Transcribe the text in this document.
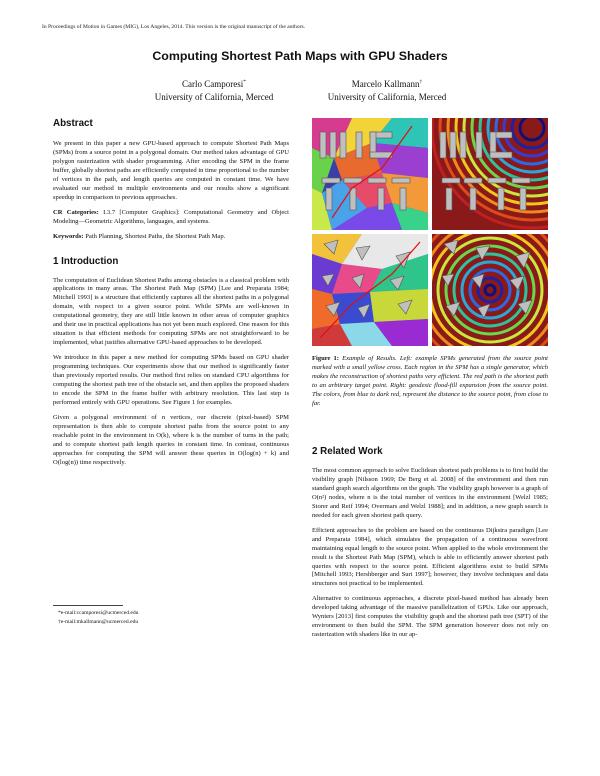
In Proceedings of Motion in Games (MIG), Los Angeles, 2014. This version is the original manuscript of the authors.
Computing Shortest Path Maps with GPU Shaders
Carlo Camporesi*
University of California, Merced
Marcelo Kallmann†
University of California, Merced
Abstract

We present in this paper a new GPU-based approach to compute Shortest Path Maps (SPMs) from a source point in a polygonal domain. Our method takes advantage of GPU polygon rasterization with shader programming. After encoding the SPM in the frame buffer, globally shortest paths are efficiently computed in time proportional to the number of vertices in the path, and length queries are computed in constant time. We have evaluated our method in multiple environments and our results show a significant speedup in comparison to previous approaches.

CR Categories: I.3.7 [Computer Graphics]: Computational Geometry and Object Modeling—Geometric Algorithms, languages, and systems.

Keywords: Path Planning, Shortest Paths, the Shortest Path Map.

1 Introduction

The computation of Euclidean Shortest Paths among obstacles is a classical problem with applications in many areas. The Shortest Path Map (SPM) [Lee and Preparata 1984; Mitchell 1993] is a structure that efficiently captures all the shortest paths in a polygonal domain, with respect to a given source point. While SPMs are well-known in computational geometry, they are still little known in other areas of computer graphics and their use in practical applications has not yet been much explored. One reason for this situation is that efficient methods for computing SPMs are not straightforward to be implemented, what justifies alternative GPU-based approaches to be developed.

We introduce in this paper a new method for computing SPMs based on GPU shader programming techniques. Our experiments show that our method is significantly faster than previously reported results. Our method first relies on standard CPU algorithms for computing the shortest path tree of the obstacle set, and then applies the proposed shaders to encode the SPM in the frame buffer with arbitrary resolution. This last step is performed entirely with GPU operations. See Figure 1 for examples.

Given a polygonal environment of n vertices, our discrete (pixel-based) SPM representation is then able to compute shortest paths from the source point to any reachable point in the environment in O(k), where k is the number of turns in the path; and to compute shortest path length queries in constant time. In contrast, continuous approaches for computing the SPM will answer these queries in O(log(n) + k) and O(log(n)) time respectively.

*e-mail:ccamporesi@ucmerced.edu
†e-mail:mkallmann@ucmerced.edu
Figure 1: Example of Results. Left: example SPMs generated from the source point marked with a small yellow cross. Each region in the SPM has a single generator, which makes the reconstruction of shortest paths very efficient. The red path is the shortest path to an arbitrary target point. Right: geodesic flood-fill expansion from the source point. The colors, from blue to dark red, represent the distance to the source point, from close to far.
2 Related Work

The most common approach to solve Euclidean shortest path problems is to first build the visibility graph [Nilsson 1969; De Berg et al. 2008] of the environment and then run standard graph search algorithms on the graph. The visibility graph however is a graph of O(n²) nodes, where n is the total number of vertices in the environment [Welzl 1985; Storer and Reif 1994; Overmars and Welzl 1988]; and in addition, a new graph search is needed for each given shortest path query.

Efficient approaches to the problem are based on the continuous Dijkstra paradigm [Lee and Preparata 1984], which simulates the propagation of a continuous wavefront maintaining equal length to the source point. When applied to the whole environment the result is the Shortest Path Map (SPM), which is able to efficiently answer shortest path queries with respect to the source point. Efficient algorithms exist to build SPMs [Mitchell 1993; Hershberger and Suri 1997]; however, they involve techniques and data structures not practical to be implemented.

Alternative to continuous approaches, a discrete pixel-based method has already been developed taking advantage of the massive parallelization of GPUs. Like our approach, Wynters [2013] first computes the visibility graph and the shortest path tree (SPT) of the environment to then build the SPM. The SPM generation however does not rely on rasterization with shaders like in our ap-
